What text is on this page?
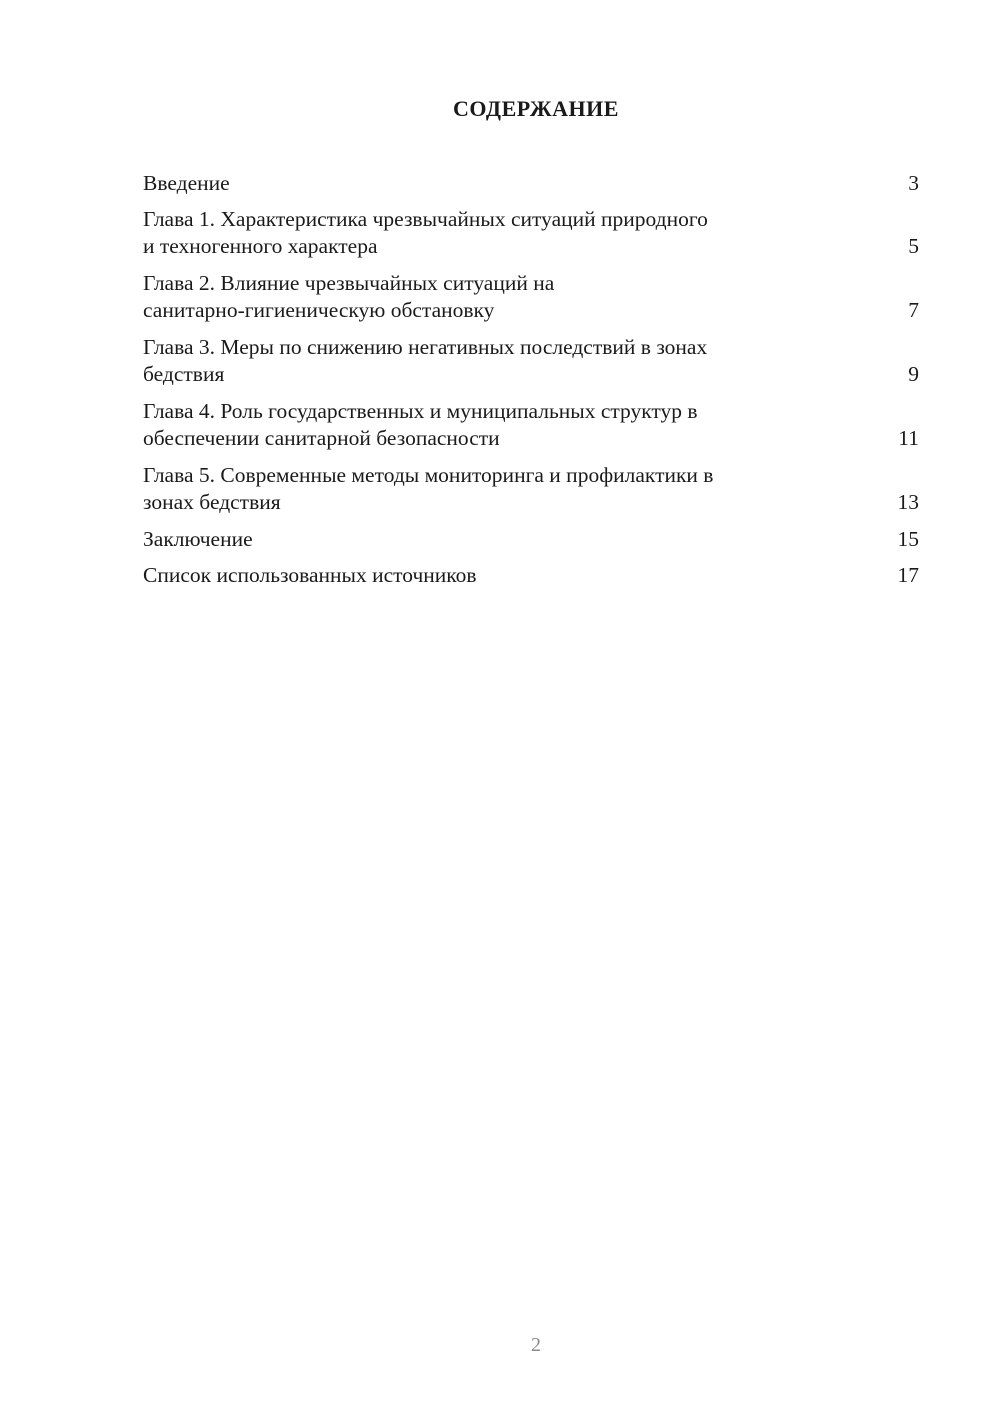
СОДЕРЖАНИЕ
Введение	3
Глава 1. Характеристика чрезвычайных ситуаций природного
и техногенного характера	5
Глава 2. Влияние чрезвычайных ситуаций на
санитарно-гигиеническую обстановку	7
Глава 3. Меры по снижению негативных последствий в зонах
бедствия	9
Глава 4. Роль государственных и муниципальных структур в
обеспечении санитарной безопасности	11
Глава 5. Современные методы мониторинга и профилактики в
зонах бедствия	13
Заключение	15
Список использованных источников	17
2
